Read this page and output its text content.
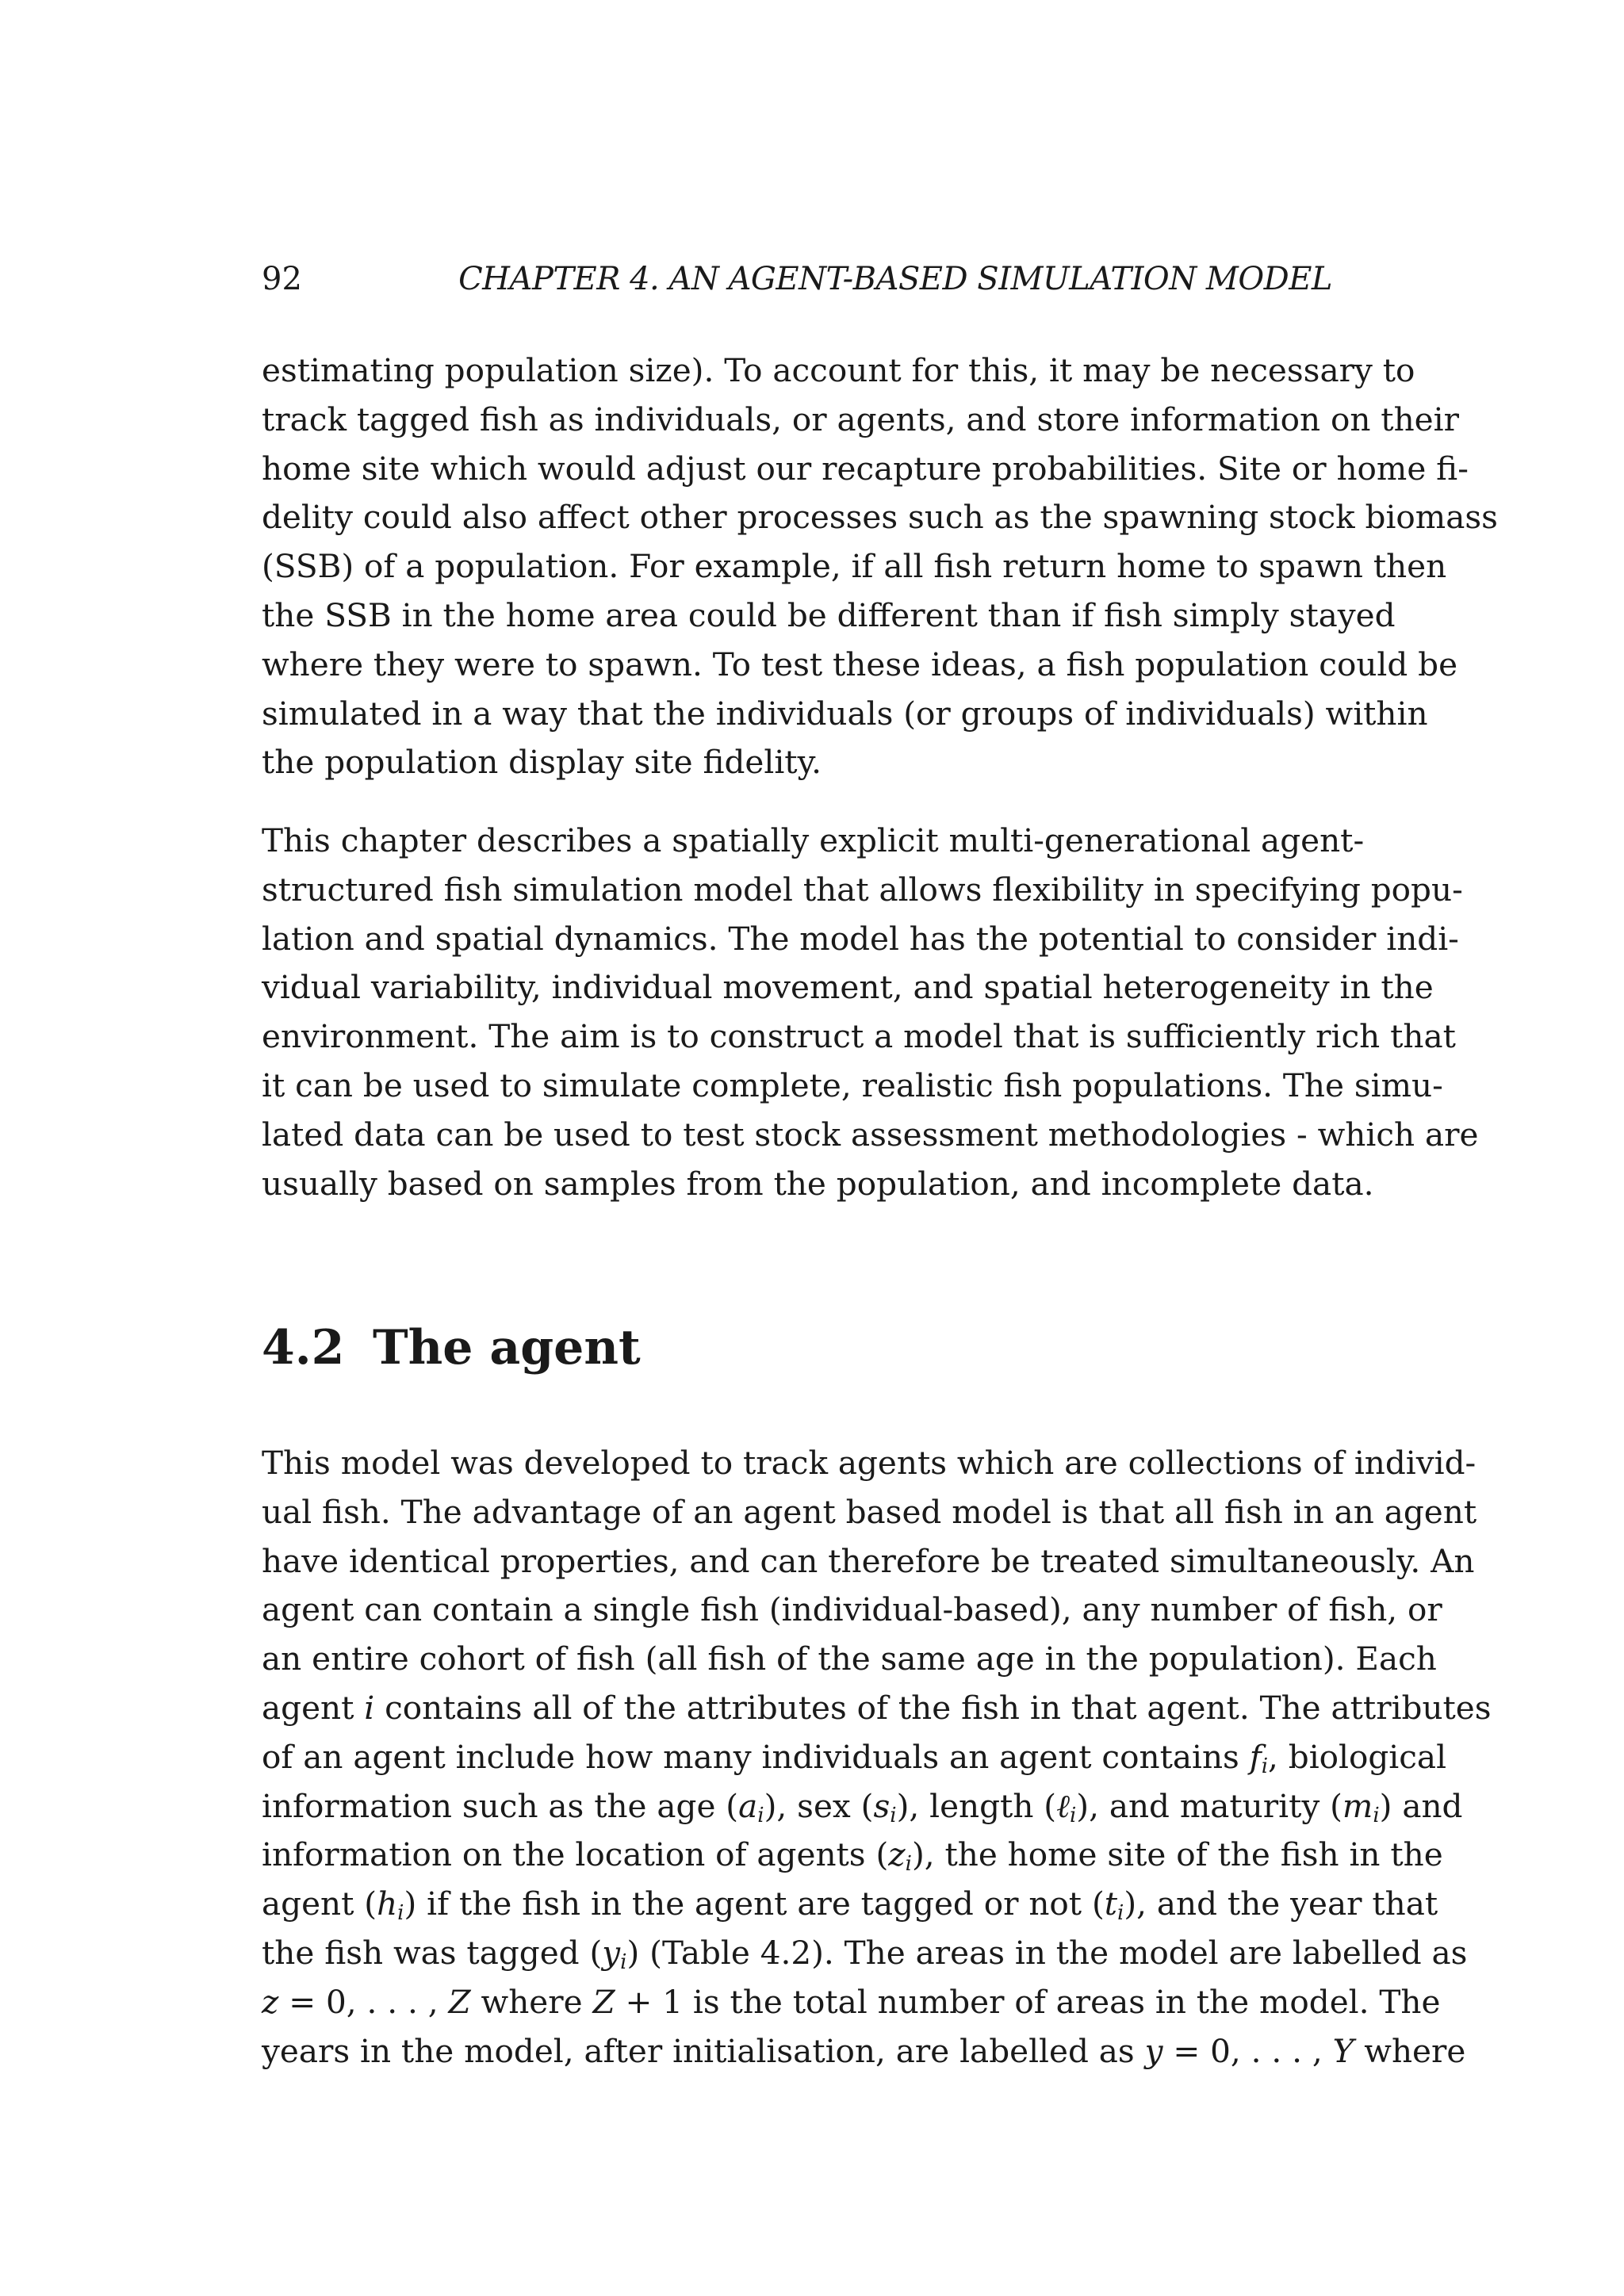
92	CHAPTER 4. AN AGENT-BASED SIMULATION MODEL
estimating population size). To account for this, it may be necessary to
track tagged fish as individuals, or agents, and store information on their
home site which would adjust our recapture probabilities. Site or home fi-
delity could also affect other processes such as the spawning stock biomass
(SSB) of a population. For example, if all fish return home to spawn then
the SSB in the home area could be different than if fish simply stayed
where they were to spawn. To test these ideas, a fish population could be
simulated in a way that the individuals (or groups of individuals) within
the population display site fidelity.
This chapter describes a spatially explicit multi-generational agent-
structured fish simulation model that allows flexibility in specifying popu-
lation and spatial dynamics. The model has the potential to consider indi-
vidual variability, individual movement, and spatial heterogeneity in the
environment. The aim is to construct a model that is sufficiently rich that
it can be used to simulate complete, realistic fish populations. The simu-
lated data can be used to test stock assessment methodologies - which are
usually based on samples from the population, and incomplete data.
4.2 The agent
This model was developed to track agents which are collections of individ-
ual fish. The advantage of an agent based model is that all fish in an agent
have identical properties, and can therefore be treated simultaneously. An
agent can contain a single fish (individual-based), any number of fish, or
an entire cohort of fish (all fish of the same age in the population). Each
agent i contains all of the attributes of the fish in that agent. The attributes
of an agent include how many individuals an agent contains $f_i$, biological
information such as the age $(a_i)$, sex $(s_i)$, length (ℓ$_i$), and maturity $(m_i)$ and
information on the location of agents $(z_i)$, the home site of the fish in the
agent $(h_i)$ if the fish in the agent are tagged or not $(t_i)$, and the year that
the fish was tagged $(y_i)$ (Table 4.2). The areas in the model are labelled as
z = 0, . . . , Z where Z + 1 is the total number of areas in the model. The
years in the model, after initialisation, are labelled as y = 0, . . . , Y where
